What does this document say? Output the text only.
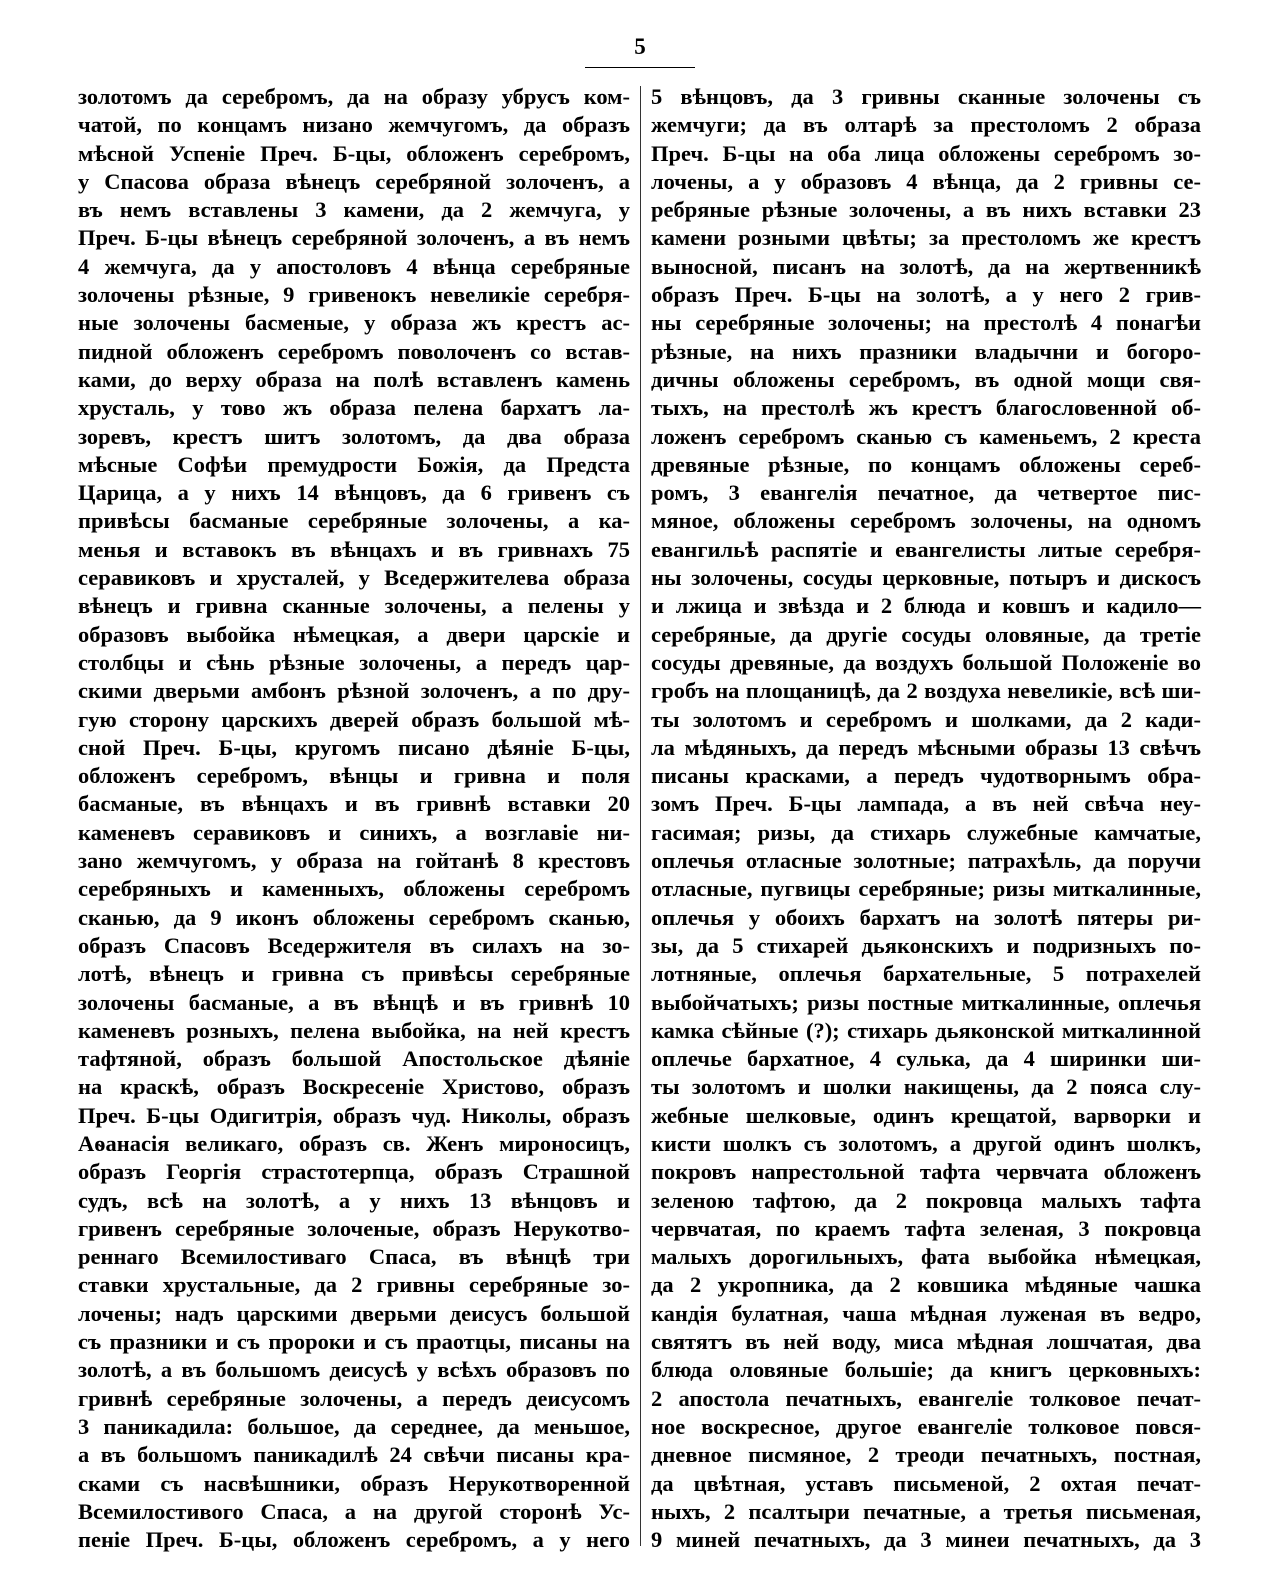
5
золотомъ да серебромъ, да на образу убрусъ ком-
чатой, по концамъ низано жемчугомъ, да образъ
мѣсной Успеніе Преч. Б-цы, обложенъ серебромъ,
у Спасова образа вѣнецъ серебряной золоченъ, а
въ немъ вставлены 3 камени, да 2 жемчуга, у
Преч. Б-цы вѣнецъ серебряной золоченъ, а въ немъ
4 жемчуга, да у апостоловъ 4 вѣнца серебряные
золочены рѣзные, 9 гривенокъ невеликіе серебря-
ные золочены басменые, у образа жъ крестъ ас-
пидной обложенъ серебромъ поволоченъ со встав-
ками, до верху образа на полѣ вставленъ камень
хрусталь, у тово жъ образа пелена бархатъ ла-
зоревъ, крестъ шитъ золотомъ, да два образа
мѣсные Софѣи премудрости Божія, да Предста
Царица, а у нихъ 14 вѣнцовъ, да 6 гривенъ съ
привѣсы басманые серебряные золочены, а ка-
менья и вставокъ въ вѣнцахъ и въ гривнахъ 75
серавиковъ и хрусталей, у Вседержителева образа
вѣнецъ и гривна сканные золочены, а пелены у
образовъ выбойка нѣмецкая, а двери царскіе и
столбцы и сѣнь рѣзные золочены, а передъ цар-
скими дверьми амбонъ рѣзной золоченъ, а по дру-
гую сторону царскихъ дверей образъ большой мѣ-
сной Преч. Б-цы, кругомъ писано дѣяніе Б-цы,
обложенъ серебромъ, вѣнцы и гривна и поля
басманые, въ вѣнцахъ и въ гривнѣ вставки 20
каменевъ серавиковъ и синихъ, а возглавіе ни-
зано жемчугомъ, у образа на гойтанѣ 8 крестовъ
серебряныхъ и каменныхъ, обложены серебромъ
сканью, да 9 иконъ обложены серебромъ сканью,
образъ Спасовъ Вседержителя въ силахъ на зо-
лотѣ, вѣнецъ и гривна съ привѣсы серебряные
золочены басманые, а въ вѣнцѣ и въ гривнѣ 10
каменевъ розныхъ, пелена выбойка, на ней крестъ
тафтяной, образъ большой Апостольское дѣяніе
на краскѣ, образъ Воскресеніе Христово, образъ
Преч. Б-цы Одигитрія, образъ чуд. Николы, образъ
Аѳанасія великаго, образъ св. Женъ мироносицъ,
образъ Георгія страстотерпца, образъ Страшной
судъ, всѣ на золотѣ, а у нихъ 13 вѣнцовъ и
гривенъ серебряные золоченые, образъ Нерукотво-
реннаго Всемилостиваго Спаса, въ вѣнцѣ три
ставки хрустальные, да 2 гривны серебряные зо-
лочены; надъ царскими дверьми деисусъ большой
съ празники и съ пророки и съ праотцы, писаны на
золотѣ, а въ большомъ деисусѣ у всѣхъ образовъ по
гривнѣ серебряные золочены, а передъ деисусомъ
3 паникадила: большое, да середнее, да меньшое,
а въ большомъ паникадилѣ 24 свѣчи писаны кра-
сками съ насвѣшники, образъ Нерукотворенной
Всемилостивого Спаса, а на другой сторонѣ Ус-
пеніе Преч. Б-цы, обложенъ серебромъ, а у него
5 вѣнцовъ, да 3 гривны сканные золочены съ
жемчуги; да въ олтарѣ за престоломъ 2 образа
Преч. Б-цы на оба лица обложены серебромъ зо-
лочены, а у образовъ 4 вѣнца, да 2 гривны се-
ребряные рѣзные золочены, а въ нихъ вставки 23
камени розными цвѣты; за престоломъ же крестъ
выносной, писанъ на золотѣ, да на жертвенникѣ
образъ Преч. Б-цы на золотѣ, а у него 2 грив-
ны серебряные золочены; на престолѣ 4 понагѣи
рѣзные, на нихъ празники владычни и богоро-
дичны обложены серебромъ, въ одной мощи свя-
тыхъ, на престолѣ жъ крестъ благословенной об-
ложенъ серебромъ сканью съ каменьемъ, 2 креста
древяные рѣзные, по концамъ обложены сереб-
ромъ, 3 евангелія печатное, да четвертое пис-
мяное, обложены серебромъ золочены, на одномъ
евангильѣ распятіе и евангелисты литые серебря-
ны золочены, сосуды церковные, потыръ и дискосъ
и лжица и звѣзда и 2 блюда и ковшъ и кадило—
серебряные, да другіе сосуды оловяные, да третіе
сосуды древяные, да воздухъ большой Положеніе во
гробъ на площаницѣ, да 2 воздуха невеликіе, всѣ ши-
ты золотомъ и серебромъ и шолками, да 2 кади-
ла мѣдяныхъ, да передъ мѣсными образы 13 свѣчъ
писаны красками, а передъ чудотворнымъ обра-
зомъ Преч. Б-цы лампада, а въ ней свѣча неу-
гасимая; ризы, да стихарь служебные камчатые,
оплечья отласные золотные; патрахѣль, да поручи
отласные, пугвицы серебряные; ризы миткалинные,
оплечья у обоихъ бархатъ на золотѣ пятеры ри-
зы, да 5 стихарей дьяконскихъ и подризныхъ по-
лотняные, оплечья бархательные, 5 потрахелей
выбойчатыхъ; ризы постные миткалинные, оплечья
камка сѣйные (?); стихарь дьяконской миткалинной
оплечье бархатное, 4 сулька, да 4 ширинки ши-
ты золотомъ и шолки накищены, да 2 пояса слу-
жебные шелковые, одинъ крещатой, варворки и
кисти шолкъ съ золотомъ, а другой одинъ шолкъ,
покровъ напрестольной тафта червчата обложенъ
зеленою тафтою, да 2 покровца малыхъ тафта
червчатая, по краемъ тафта зеленая, 3 покровца
малыхъ дорогильныхъ, фата выбойка нѣмецкая,
да 2 укропника, да 2 ковшика мѣдяные чашка
кандія булатная, чаша мѣдная луженая въ ведро,
святятъ въ ней воду, миса мѣдная лошчатая, два
блюда оловяные большіе; да книгъ церковныхъ:
2 апостола печатныхъ, евангеліе толковое печат-
ное воскресное, другое евангеліе толковое повся-
дневное писмяное, 2 треоди печатныхъ, постная,
да цвѣтная, уставъ письменой, 2 охтая печат-
ныхъ, 2 псалтыри печатные, а третья письменая,
9 миней печатныхъ, да 3 минеи печатныхъ, да 3
